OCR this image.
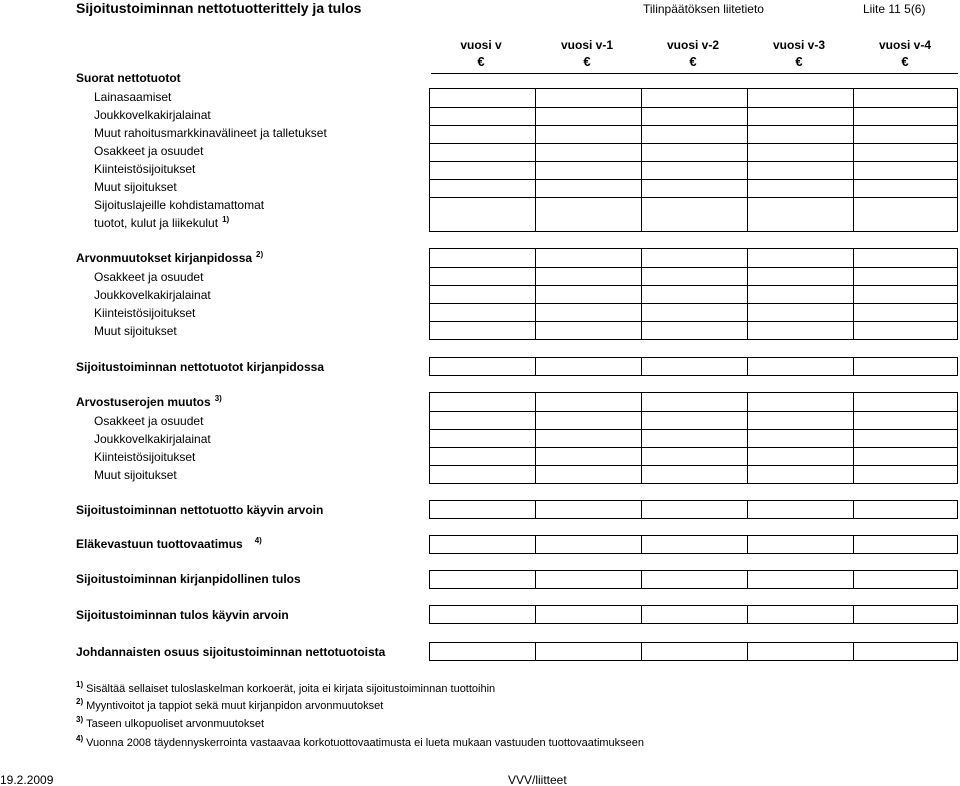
Sijoitustoiminnan nettotuotterittely ja tulos	Tilinpäätöksen liitetieto	Liite 11 5(6)
vuosi v	vuosi v-1	vuosi v-2	vuosi v-3	vuosi v-4
€	€	€	€	€
Suorat nettotuotot
Lainasaamiset
Joukkovelkakirjalainat
Muut rahoitusmarkkinavälineet ja talletukset
Osakkeet ja osuudet
Kiinteistösijoitukset
Muut sijoitukset
Sijoituslajeille kohdistamattomat
tuotot, kulut ja liikekulut $^{1)}$
Arvonmuutokset kirjanpidossa $^{2)}$
Osakkeet ja osuudet
Joukkovelkakirjalainat
Kiinteistösijoitukset
Muut sijoitukset
Sijoitustoiminnan nettotuotot kirjanpidossa
Arvostuserojen muutos $^{3)}$
Osakkeet ja osuudet
Joukkovelkakirjalainat
Kiinteistösijoitukset
Muut sijoitukset
Sijoitustoiminnan nettotuotto käyvin arvoin
Eläkevastuun tuottovaatimus $^{4)}$
Sijoitustoiminnan kirjanpidollinen tulos
Sijoitustoiminnan tulos käyvin arvoin
Johdannaisten osuus sijoitustoiminnan nettotuotoista
$^{1)}$ Sisältää sellaiset tuloslaskelman korkoerät, joita ei kirjata sijoitustoiminnan tuottoihin
$^{2)}$ Myyntivoitot ja tappiot sekä muut kirjanpidon arvonmuutokset
$^{3)}$ Taseen ulkopuoliset arvonmuutokset
$^{4)}$ Vuonna 2008 täydennyskerrointa vastaavaa korkotuottovaatimusta ei lueta mukaan vastuuden tuottovaatimukseen
19.2.2009	VVV/liitteet
